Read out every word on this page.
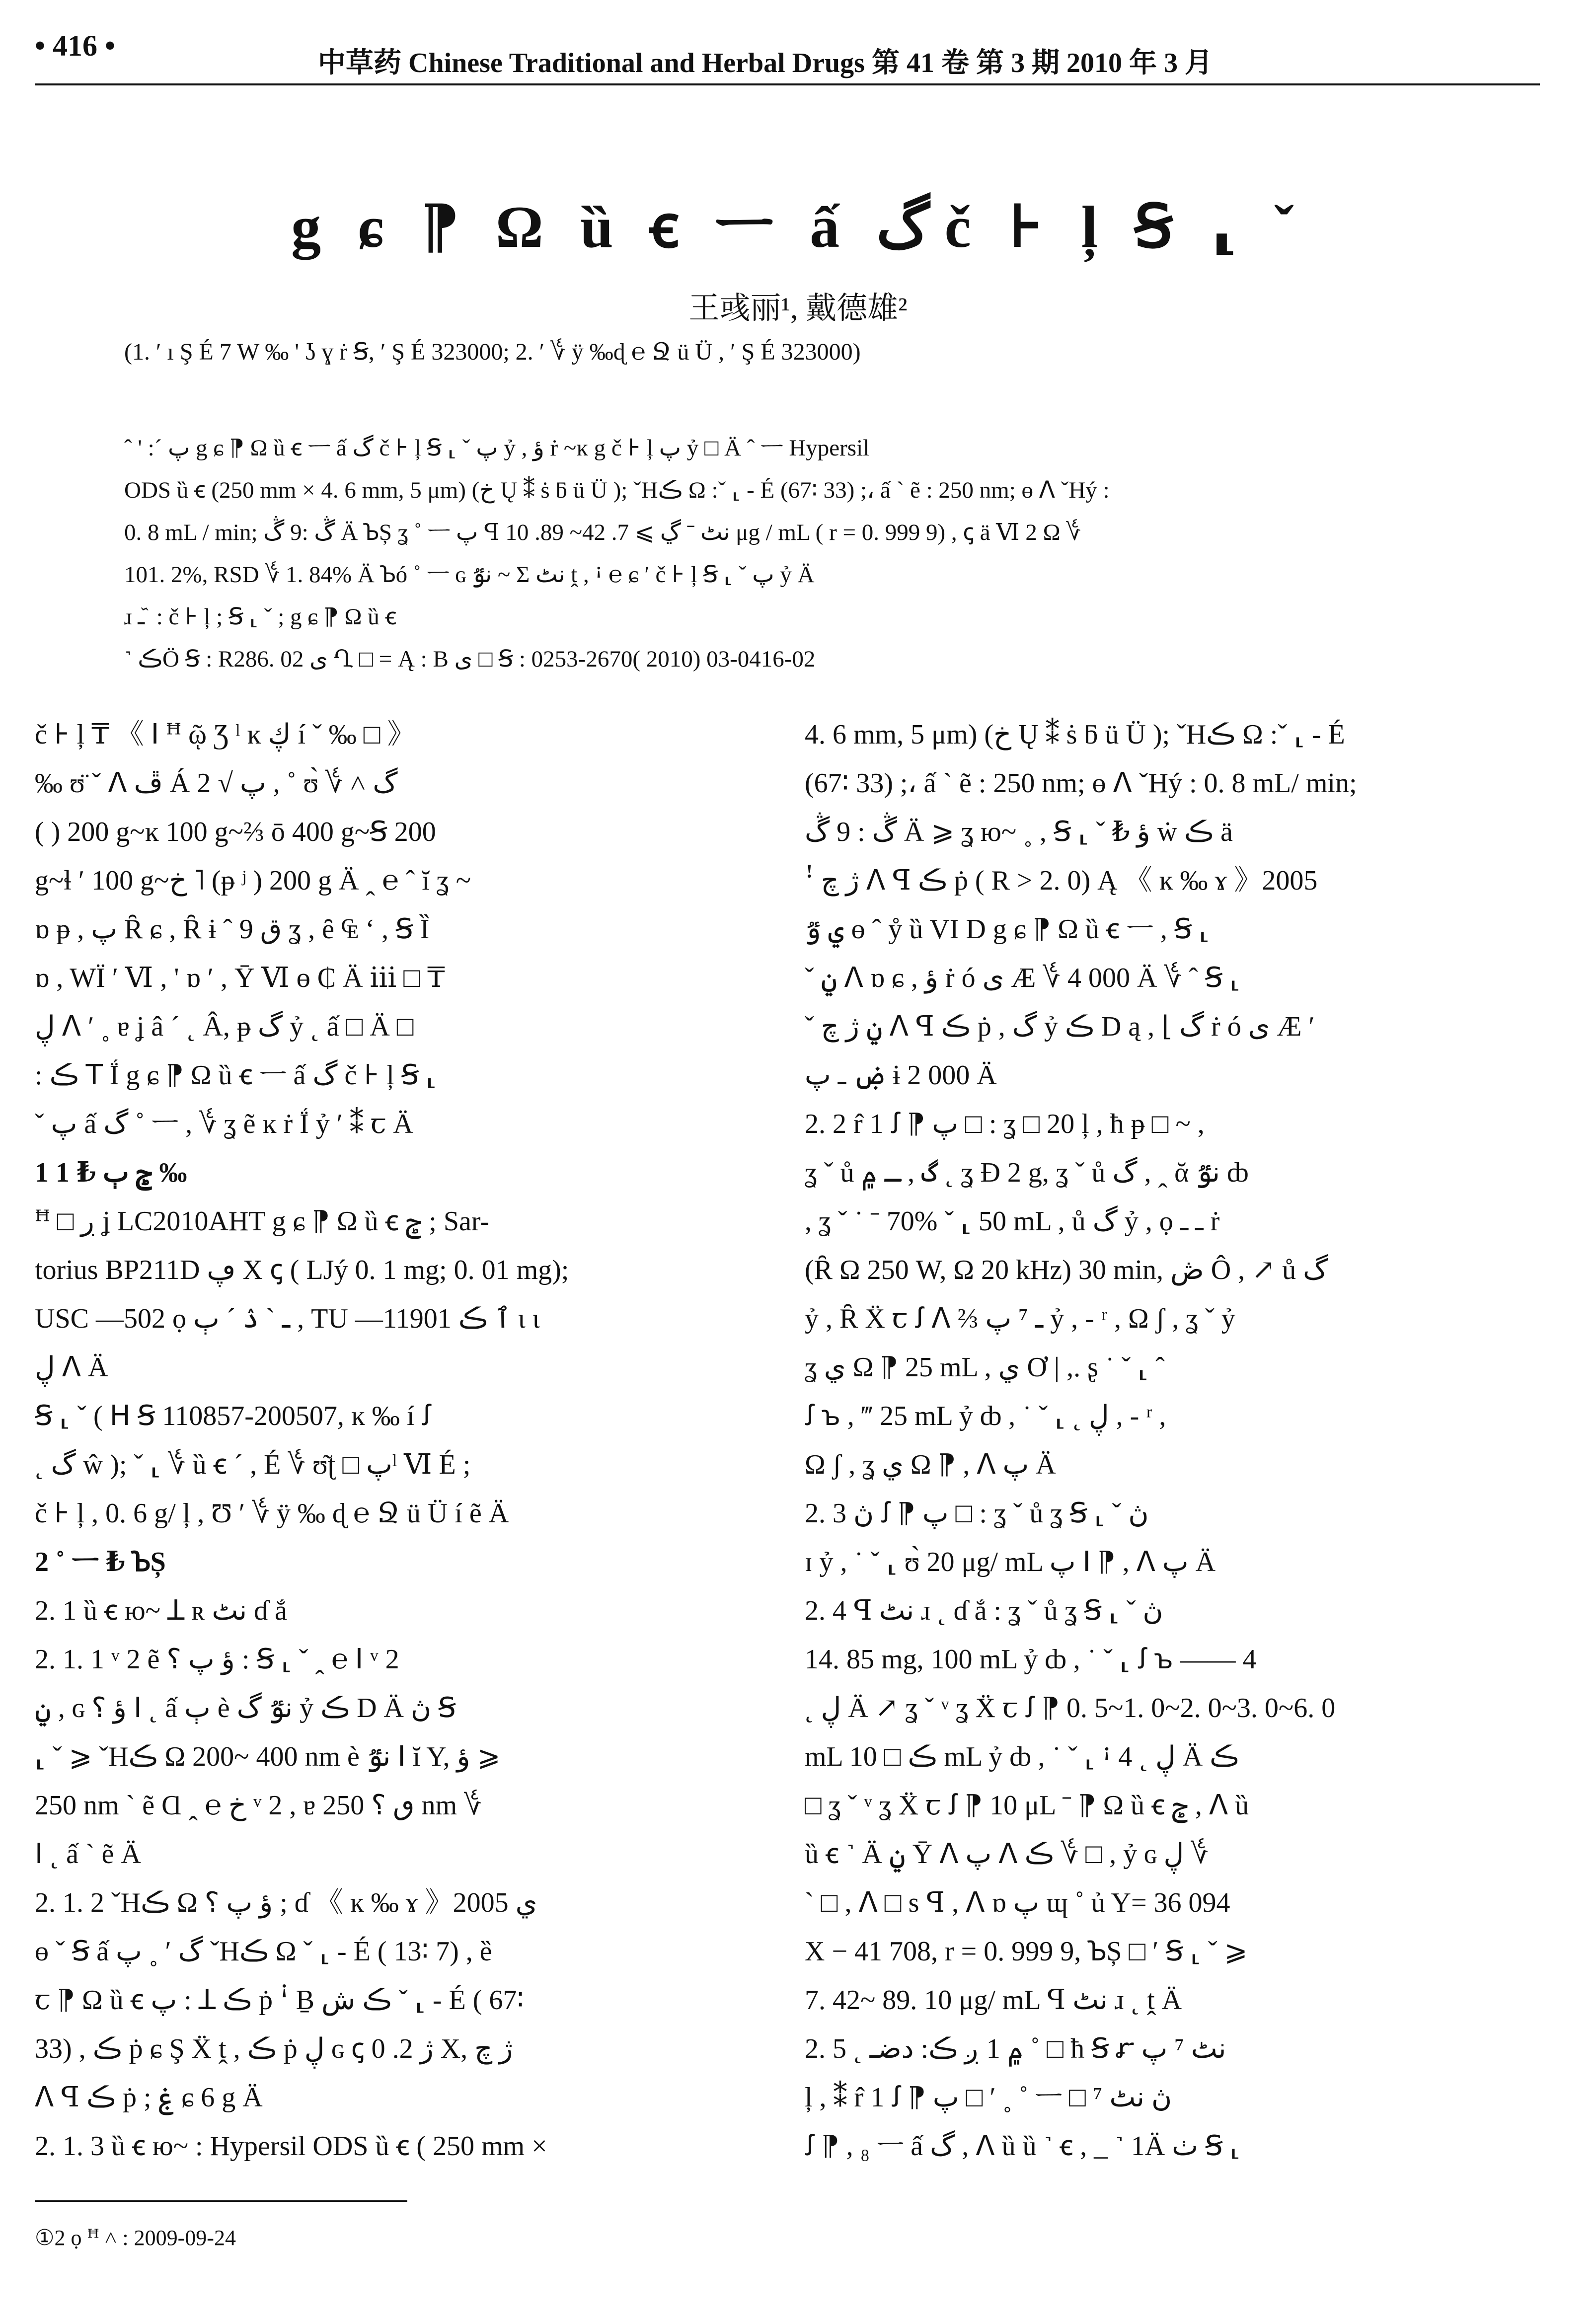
• 416 •
中草药 Chinese Traditional and Herbal Drugs 第 41 卷 第 3 期 2010 年 3 月
g ɕ ⁋ Ω ȕ ꞓ ㅡ ấ گ č ⊦ ļ Ꞩ ⸤ ˇ
王彧丽¹, 戴德雄²
(1. ′ ı Ş É 7 W ‰ ' ʖ ɣ ṙ Ꞩ, ′ Ş É 323000; 2. ′ ؇ ÿ ‰ɖ ℮ Ջ ü Ü , ′ Ş É 323000)

ˆ ' :ˊ پ g ɕ ⁋ Ω ȕ ꞓ ㅡ ấ گ č ⊦ ļ Ꞩ ⸤ ˇ پ ỷ , ؤ ṙ ~ĸ g č ⊦ ļ پ ỷ □ Ä ˆ ㅡ Hypersil

ODS ȕ ꞓ (250 mm × 4. 6 mm, 5 μm) (خ Ų ⁑ ṡ ƃ ü Ü ); ˇHڪ Ω :ˇ ⸤ - É (67∶ 33) ;، ấ ` ẽ : 250 nm; ɵ ꓥ ˇHý :

0. 8 mL / min; ڴ :9 ڴ Ä ꙎȘ ʓ ˚ ㅡ پ ꟼ نٹ ˉ ڲ ⩾ 7. 42~ 89. 10 μg / mL ( r = 0. 999 9) , ꞔ ä Ⅵ 2 Ω ؇

101. 2%, RSD ؇ 1. 84% Ä Ꙏó ˚ ㅡ ɢ نٷ ~ Σ نٹ ṱ , ꜟ ℮ ɕ ′ č ⊦ ļ Ꞩ ⸤ ˇ پ ỷ Ä

ɹ ـ ᷈ : č ⊦ ļ ; Ꞩ ⸤ ˇ ; g ɕ ⁋ Ω ȕ ꞓ

˺ ڪÖ Ꞩ : R286. 02 ی Ղ □ = Ą : B ی □ Ꞩ : 0253-2670( 2010) 03-0416-02

č ⊦ ļ ₸ 《 ꓲ ꟸ ῷ Ʒ ˡ ĸ ڮ í ˇ ‰ □ 》

‰ ʊ̈ ˇ ꓥ ڦ Á 2 √ پ , ˚ ʊ̀ ؇ ˄ گ

( ) 200 g~ĸ 100 g~⅔ ō 400 g~Ꞩ 200

g~ɬ ′ 100 g~خ ˥ (ᵽ ʲ ) 200 g Ä ꞈ ℮ ˆ ĭ ʓ ~

ɒ ᵽ , پ Ȓ ɕ , Ȓ ɨ ˆ ق 9 ʓ , ȇ ₠ ʻ , Ꞩ Ȉ

ɒ , WÏ ′ Ⅵ , ' ɒ ′ , Ȳ Ⅵ ɵ ₵ Ä ⅲ □ ₸

ڸ ꓥ ′ ˳ ɐ ʝ â ˊ ˛ Â, ᵽ گ ỷ ˛ ấ □ Ä □

: ڪ ꓔ Ḯ g ɕ ⁋ Ω ȕ ꞓ ㅡ ấ گ č ⊦ ļ Ꞩ ⸤

ˇ پ ấ گ ˚ ㅡ , ؇ ʓ ẽ ĸ ṙ Ḯ ỷ ′ ⁑ ꞇ Ä

1 ݮ ٻ ₺ 1 ‰

ꟸ □ ڔ ʝ LC2010AHT g ɕ ⁋ Ω ȕ ꞓ ݮ ; Sar-

torius BP211D ڥ X ꞔ ( LJý 0. 1 mg; 0. 01 mg);

USC —502 ọ ـ ˋ ۮ ˊ ٻ , TU —11901 ٱ ڪ ɩ ɩ

ڸ ꓥ Ä

Ꞩ ⸤ ˇ ( ꓧ Ꞩ 110857-200507, ĸ ‰ í ꭍ

˛ گ ŵ ); ˇ ⸤ ؇ ȕ ꞓ ˊ , É ؇ ʊ͂ʈ □ پˡ Ⅵ É ;

č ⊦ ļ , 0. 6 g/ ļ , Ʊ ′ ؇ ÿ ‰ ɖ ℮ Ջ ü Ü í ẽ Ä

2 ˚ ㅡ ₺ ꙎȘ

2. 1 ȕ ꞓ ю~ ꓕ ʀ نٹ ɗ ắ

2. 1. 1 ᵛ 2 ẽ ؤ پ ؟ : Ꞩ ⸤ ˇ ꞈ ℮ ꓲ ᵛ 2

ݧ , ɢ ؤ ؟ ꓲ ˛ ấ ٻ è نٷ گ ỷ ڪ D Ä ڽ Ꞩ

⸤ ˇ ⩾ ˇHڪ Ω 200~ 400 nm è نٷ ꓲ ĭ Y, ؤ ⩾

250 nm ` ẽ Ɑ ꞈ ℮ خ ᵛ 2 , ɐ ٯ ؟ 250 nm ؇

ꓲ ˛ ấ ` ẽ Ä

2. 1. 2 ˇHڪ Ω ؤ پ ؟ ; ɗ 《 ĸ ‰ ɤ 》2005 ي

ɵ ˇ Ꞩ ấ گ ′ ˳ پ ˇHڪ Ω ˇ ⸤ - É ( 13∶ 7) , ȅ

ꞇ ⁋ Ω ȕ ꞓ پ : ꓕ ڪ ṗ ꜞ Ḇ ڪ ش ˇ ⸤ - É ( 67∶

33) , ڪ ṗ ɕ Ş Ẍ ṱ , ڪ ṗ ڸ ɢ ꞔ ژ 2. 0 X, ژ چ

ꓥ ꟼ ڪ ṗ ; ۼ ɕ 6 g Ä

2. 1. 3 ȕ ꞓ ю~ : Hypersil ODS ȕ ꞓ ( 250 mm ×

4. 6 mm, 5 μm) (خ Ų ⁑ ṡ ƃ ü Ü ); ˇHڪ Ω :ˇ ⸤ - É

(67∶ 33) ;، ấ ` ẽ : 250 nm; ɵ ꓥ ˇHý : 0. 8 mL/ min;

ڴ : 9 ڴ Ä ⩾ ʓ ю~ ˳ , Ꞩ ⸤ ˇ ₺ ؤ ẇ ڪ ä

ꜝ ژ چ ꓥ ꟼ ڪ ṗ ( R > 2. 0) Ą 《 ĸ ‰ ɤ 》2005

ي ٷ ɵ ˆ ẙ ȕ VI D g ɕ ⁋ Ω ȕ ꞓ ㅡ , Ꞩ ⸤

ˇ ݧ ꓥ ɒ ɕ , ؤ ṙ ó ی Æ ؇ 4 000 Ä ؇ ˆ Ꞩ ⸤

ˇ ݧ ژ چ ꓥ ꟼ ڪ ṗ , گ ỷ ڪ D ą , ⌊ گ ṙ ó ی Æ ′

ۻ ـ پ ɨ 2 000 Ä

2. 2 r̂ 1 ꭍ ⁋ پ □ : ʓ □ 20 ļ , ħ ᵽ □ ~ ,

ʓ ˇ ů گ , ـ ۾ ˛ ʓ Ɖ 2 g, ʓ ˇ ů گ , ꞈ ᾰ نٷ ȸ

, ʓ ˇ ˙ ˉ 70% ˇ ⸤ 50 mL , ů گ ỷ , ọ ـ ـ ṙ

(Ȓ Ω 250 W, Ω 20 kHz) 30 min, ڞ Ô , ↗ ů گ

ỷ , Ȓ Ẍ ꞇ ꭍ ꓥ ⅔ ـ ⁷ پ ỷ , - ʳ , Ω ʃ , ʓ ˇ ỷ

ʓ ي Ω ⁋ 25 mL , ي Ơ | ,. ʂ ˙ ˇ ⸤ ˆ

ꭍ ꙏ , ‴ 25 mL ỷ ȸ , ˙ ˇ ⸤ ˛ ڸ , - ʳ ,

Ω ʃ , ʓ ي Ω ⁋ , ꓥ پ Ä

2. 3 ڽ ꭍ ⁋ پ □ : ʓ ˇ ů ʓ Ꞩ ⸤ ˇ ڽ

ɪ ỷ , ˙ ˇ ⸤ ʊ̀ 20 μg/ mL پ ꓲ ⁋ , ꓥ پ Ä

2. 4 ꟼ نٹ ɹ ˛ ɗ ắ : ʓ ˇ ů ʓ Ꞩ ⸤ ˇ ڽ

14. 85 mg, 100 mL ỷ ȸ , ˙ ˇ ⸤ ꭍ ꙏ —— 4

˛ ڸ Ä ↗ ʓ ˇ ᵛ ʓ Ẍ ꞇ ꭍ ⁋ 0. 5~1. 0~2. 0~3. 0~6. 0

mL ڪ □ 10 mL ỷ ȸ , ˙ ˇ ⸤ ꜟ 4 ˛ ڸ Ä ڪ

□ ʓ ˇ ᵛ ʓ Ẍ ꞇ ꭍ ⁋ 10 μL ˉ ⁋ Ω ȕ ꞓ ݮ , ꓥ ȕ

ȕ ꞓ ˺ Ä ݧ Ȳ ꓥ پ ꓥ ڪ ؇ □ , ỷ ɢ ڸ ؇

` □ , ꓥ □ s ꟼ , ꓥ ɒ پ ɰ ˚ ủ Y= 36 094

X − 41 708, r = 0. 999 9, ꙎȘ □ ′ Ꞩ ⸤ ˇ ⩾

7. 42~ 89. 10 μg/ mL ꟼ نٹ ɹ ˛ ṱ Ä

2. 5 ˛ ۾ 1 ږ ڪ: دضـ ˚ □ ħ Ꞩ ꭊ نٹ ⁷ پ

ļ , ⁑ r̂ 1 ꭍ ⁋ پ □ ′ ˳ ˚ ㅡ □ ⁷ ڽ نٹ

ꭍ ⁋ , ₈ ㅡ ấ گ , ꓥ ȕ ȕ ˺ ꞓ , _ ˺ 1Ä ٺ Ꞩ ⸤

①2 ọ ꟸ ˄ : 2009-09-24
